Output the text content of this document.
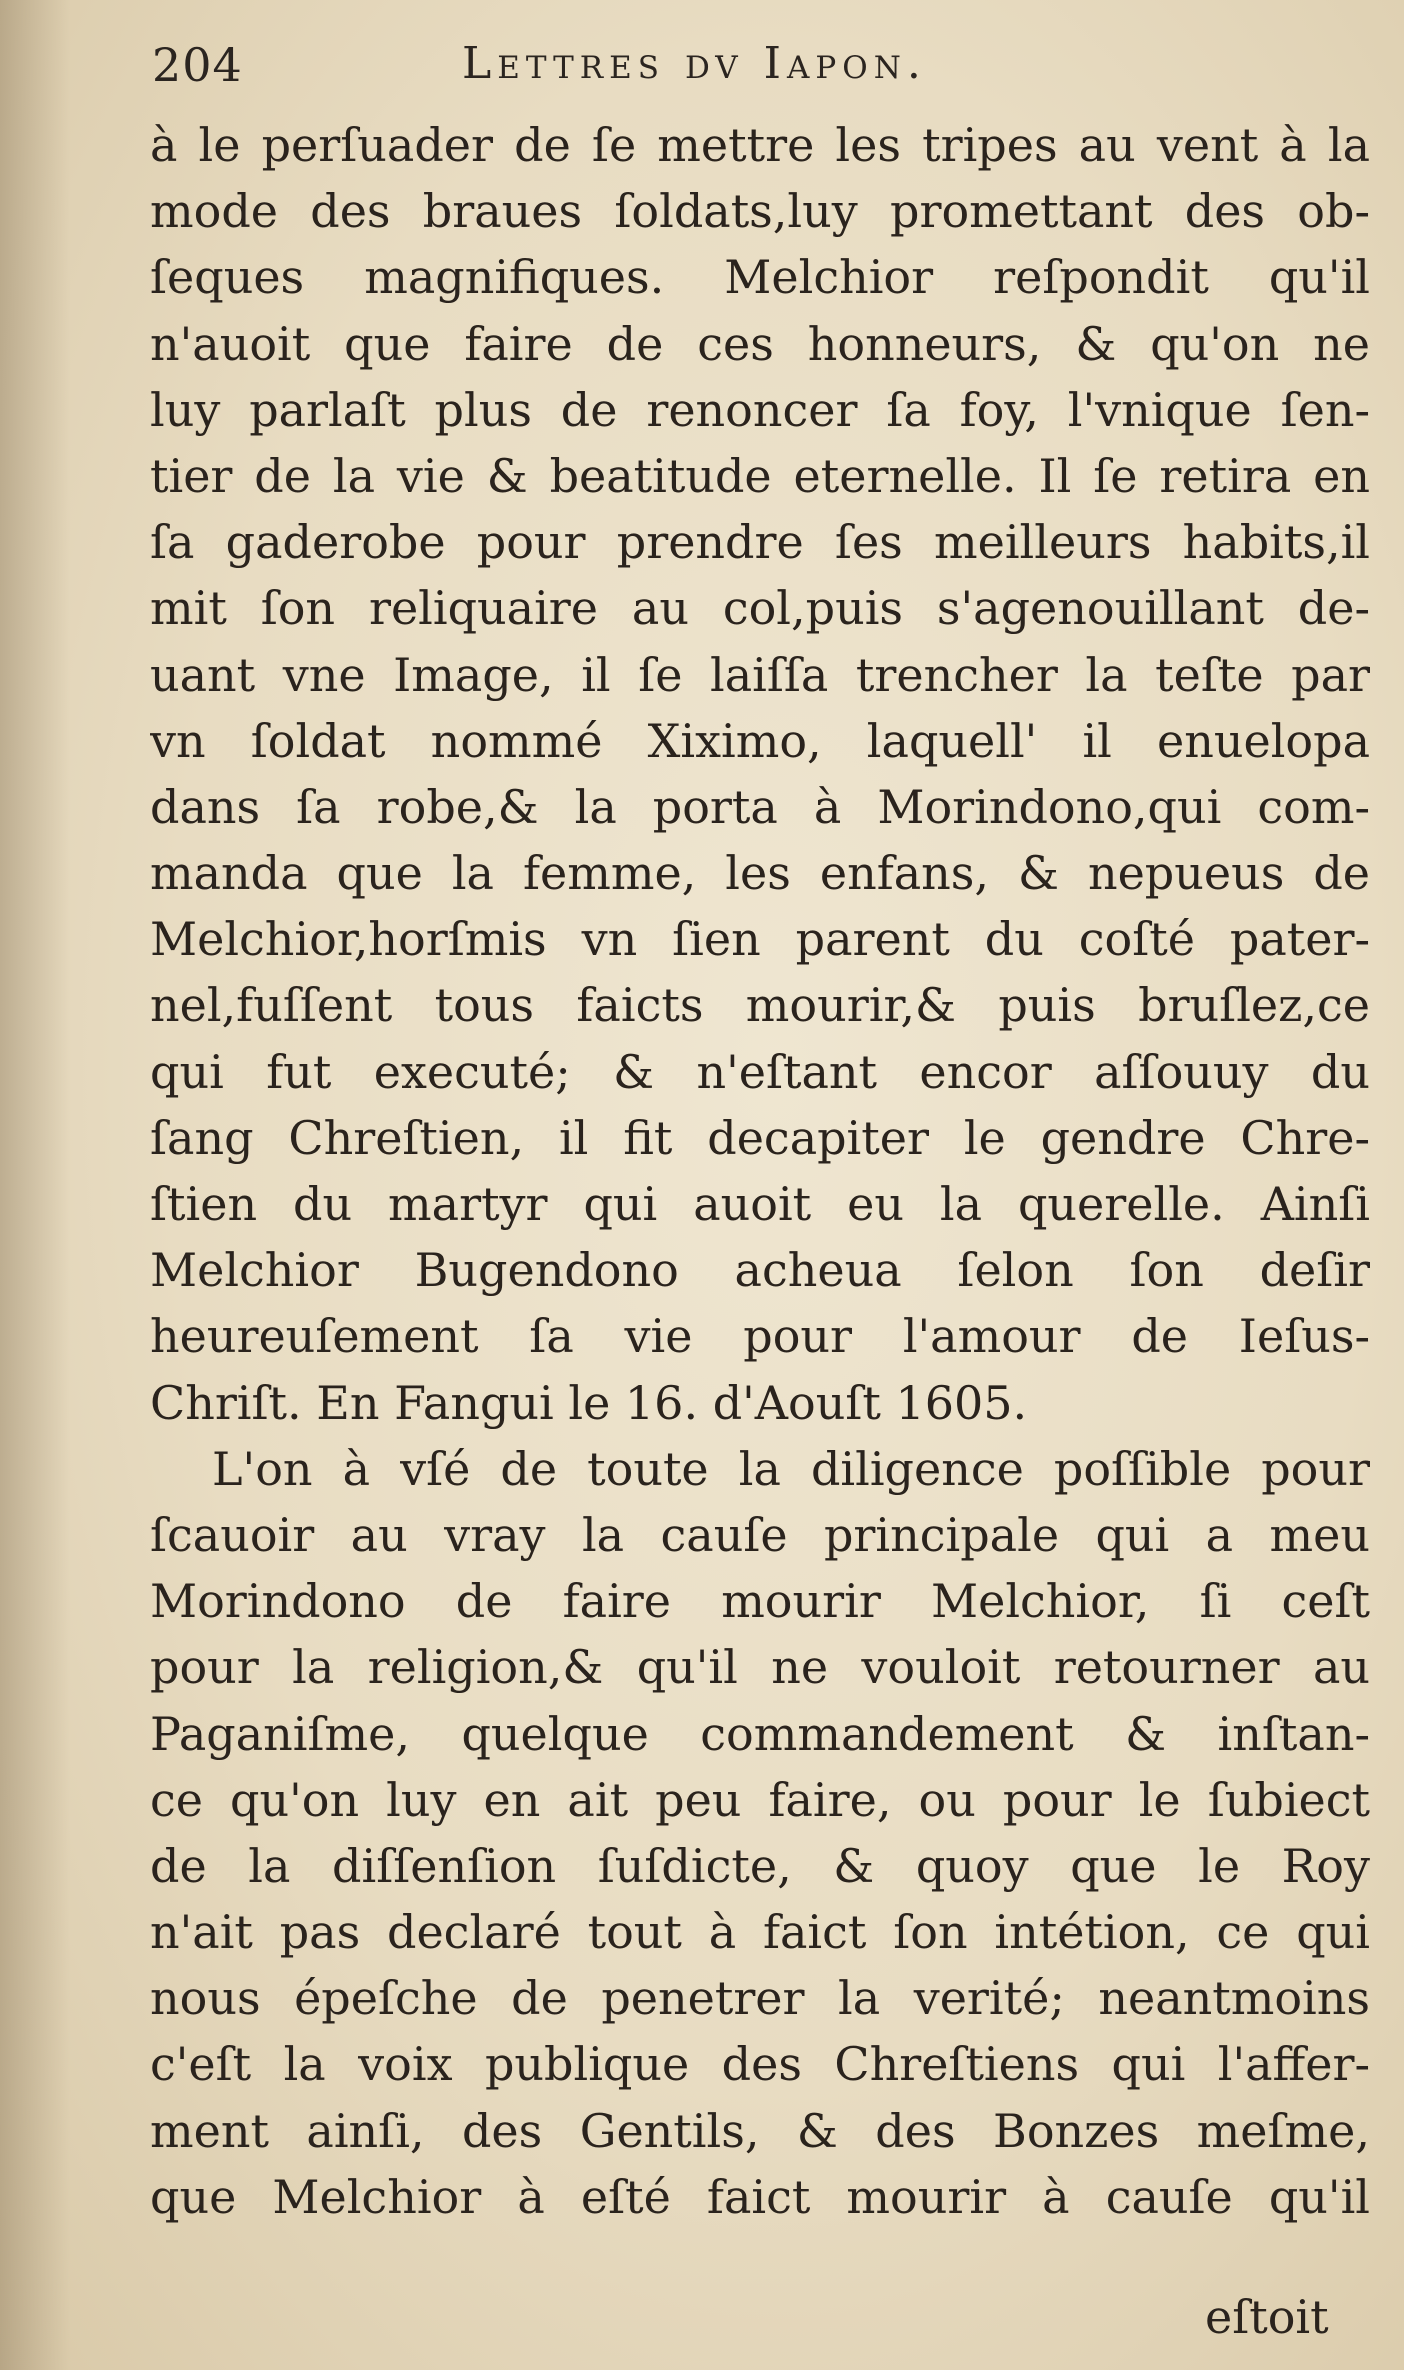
204	Lettres dv Iapon.
à le perſuader de ſe mettre les tripes au vent à la
mode des braues ſoldats,luy promettant des ob-
ſeques magnifiques. Melchior reſpondit qu'il
n'auoit que faire de ces honneurs, & qu'on ne
luy parlaſt plus de renoncer ſa foy, l'vnique ſen-
tier de la vie & beatitude eternelle. Il ſe retira en
ſa gaderobe pour prendre ſes meilleurs habits,il
mit ſon reliquaire au col,puis s'agenouillant de-
uant vne Image, il ſe laiſſa trencher la teſte par
vn ſoldat nommé Xiximo, laquell' il enuelopa
dans ſa robe,& la porta à Morindono,qui com-
manda que la femme, les enfans, & nepueus de
Melchior,horſmis vn ſien parent du coſté pater-
nel,fuſſent tous faicts mourir,& puis bruſlez,ce
qui fut executé; & n'eſtant encor aſſouuy du
ſang Chreſtien, il fit decapiter le gendre Chre-
ſtien du martyr qui auoit eu la querelle. Ainſi
Melchior Bugendono acheua ſelon ſon deſir
heureuſement ſa vie pour l'amour de Ieſus-
Chriſt. En Fangui le 16. d'Aouſt 1605.
L'on à vſé de toute la diligence poſſible pour
ſcauoir au vray la cauſe principale qui a meu
Morindono de faire mourir Melchior, ſi ceſt
pour la religion,& qu'il ne vouloit retourner au
Paganiſme, quelque commandement & inſtan-
ce qu'on luy en ait peu faire, ou pour le ſubiect
de la diſſenſion ſuſdicte, & quoy que le Roy
n'ait pas declaré tout à faict ſon intétion, ce qui
nous épeſche de penetrer la verité; neantmoins
c'eſt la voix publique des Chreſtiens qui l'affer-
ment ainſi, des Gentils, & des Bonzes meſme,
que Melchior à eſté faict mourir à cauſe qu'il
eſtoit
